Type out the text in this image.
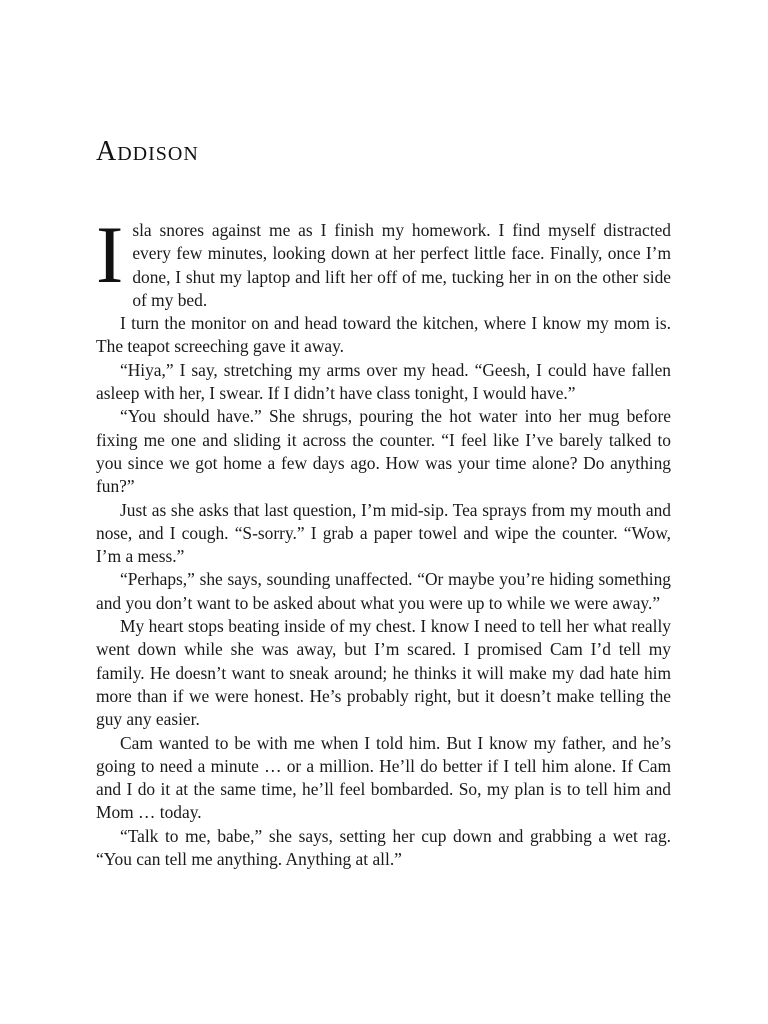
Addison

Isla snores against me as I finish my homework. I find myself distracted every few minutes, looking down at her perfect little face. Finally, once I’m done, I shut my laptop and lift her off of me, tucking her in on the other side of my bed.

I turn the monitor on and head toward the kitchen, where I know my mom is. The teapot screeching gave it away.

“Hiya,” I say, stretching my arms over my head. “Geesh, I could have fallen asleep with her, I swear. If I didn’t have class tonight, I would have.”

“You should have.” She shrugs, pouring the hot water into her mug before fixing me one and sliding it across the counter. “I feel like I’ve barely talked to you since we got home a few days ago. How was your time alone? Do anything fun?”

Just as she asks that last question, I’m mid-sip. Tea sprays from my mouth and nose, and I cough. “S-sorry.” I grab a paper towel and wipe the counter. “Wow, I’m a mess.”

“Perhaps,” she says, sounding unaffected. “Or maybe you’re hiding something and you don’t want to be asked about what you were up to while we were away.”

My heart stops beating inside of my chest. I know I need to tell her what really went down while she was away, but I’m scared. I promised Cam I’d tell my family. He doesn’t want to sneak around; he thinks it will make my dad hate him more than if we were honest. He’s probably right, but it doesn’t make telling the guy any easier.

Cam wanted to be with me when I told him. But I know my father, and he’s going to need a minute … or a million. He’ll do better if I tell him alone. If Cam and I do it at the same time, he’ll feel bombarded. So, my plan is to tell him and Mom … today.

“Talk to me, babe,” she says, setting her cup down and grabbing a wet rag. “You can tell me anything. Anything at all.”
